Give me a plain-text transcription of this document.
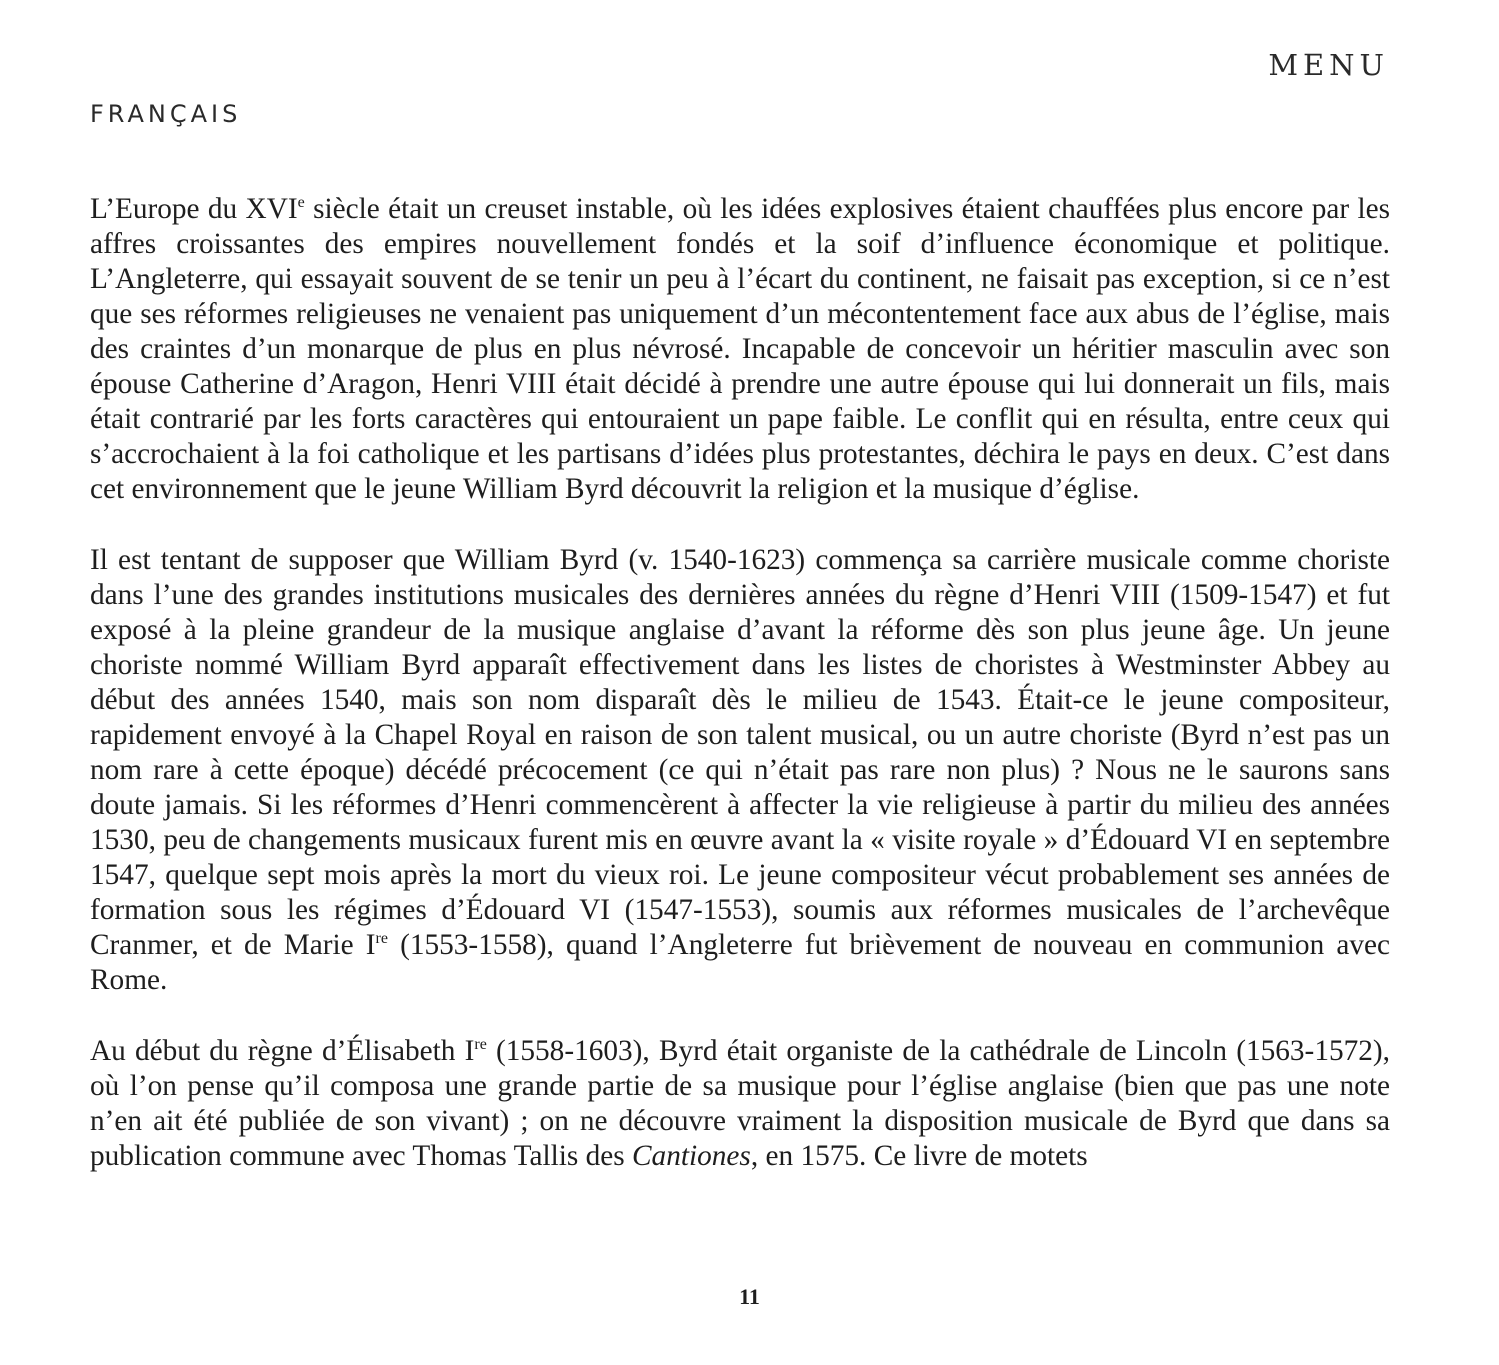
MENU
FRANÇAIS

L’Europe du XVIe siècle était un creuset instable, où les idées explosives étaient chauffées plus encore par les affres croissantes des empires nouvellement fondés et la soif d’influence économique et politique. L’Angleterre, qui essayait souvent de se tenir un peu à l’écart du continent, ne faisait pas exception, si ce n’est que ses réformes religieuses ne venaient pas uniquement d’un mécontentement face aux abus de l’église, mais des craintes d’un monarque de plus en plus névrosé. Incapable de concevoir un héritier masculin avec son épouse Catherine d’Aragon, Henri VIII était décidé à prendre une autre épouse qui lui donnerait un fils, mais était contrarié par les forts caractères qui entouraient un pape faible. Le conflit qui en résulta, entre ceux qui s’accrochaient à la foi catholique et les partisans d’idées plus protestantes, déchira le pays en deux. C’est dans cet environnement que le jeune William Byrd découvrit la religion et la musique d’église.

Il est tentant de supposer que William Byrd (v. 1540-1623) commença sa carrière musicale comme choriste dans l’une des grandes institutions musicales des dernières années du règne d’Henri VIII (1509-1547) et fut exposé à la pleine grandeur de la musique anglaise d’avant la réforme dès son plus jeune âge. Un jeune choriste nommé William Byrd apparaît effectivement dans les listes de choristes à Westminster Abbey au début des années 1540, mais son nom disparaît dès le milieu de 1543. Était-ce le jeune compositeur, rapidement envoyé à la Chapel Royal en raison de son talent musical, ou un autre choriste (Byrd n’est pas un nom rare à cette époque) décédé précocement (ce qui n’était pas rare non plus) ? Nous ne le saurons sans doute jamais. Si les réformes d’Henri commencèrent à affecter la vie religieuse à partir du milieu des années 1530, peu de changements musicaux furent mis en œuvre avant la « visite royale » d’Édouard VI en septembre 1547, quelque sept mois après la mort du vieux roi. Le jeune compositeur vécut probablement ses années de formation sous les régimes d’Édouard VI (1547-1553), soumis aux réformes musicales de l’archevêque Cranmer, et de Marie Ire (1553-1558), quand l’Angleterre fut brièvement de nouveau en communion avec Rome.

Au début du règne d’Élisabeth Ire (1558-1603), Byrd était organiste de la cathédrale de Lincoln (1563-1572), où l’on pense qu’il composa une grande partie de sa musique pour l’église anglaise (bien que pas une note n’en ait été publiée de son vivant) ; on ne découvre vraiment la disposition musicale de Byrd que dans sa publication commune avec Thomas Tallis des Cantiones, en 1575. Ce livre de motets

11
